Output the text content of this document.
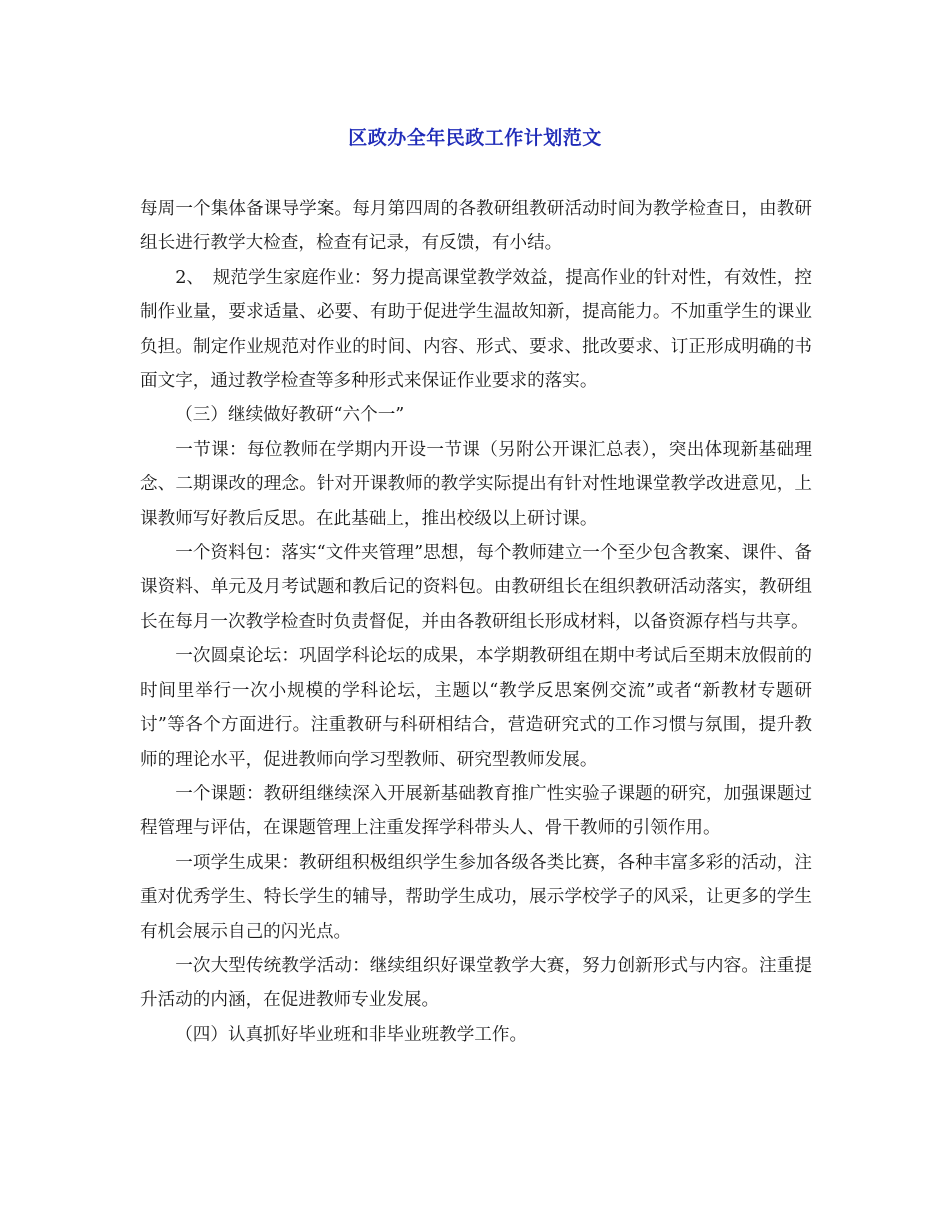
区政办全年民政工作计划范文

每周一个集体备课导学案。每月第四周的各教研组教研活动时间为教学检查日，由教研组长进行教学大检查，检查有记录，有反馈，有小结。

2、　规范学生家庭作业：努力提高课堂教学效益，提高作业的针对性，有效性，控制作业量，要求适量、必要、有助于促进学生温故知新，提高能力。不加重学生的课业负担。制定作业规范对作业的时间、内容、形式、要求、批改要求、订正形成明确的书面文字，通过教学检查等多种形式来保证作业要求的落实。

（三）继续做好教研“六个一”

一节课：每位教师在学期内开设一节课（另附公开课汇总表），突出体现新基础理念、二期课改的理念。针对开课教师的教学实际提出有针对性地课堂教学改进意见，上课教师写好教后反思。在此基础上，推出校级以上研讨课。

一个资料包：落实“文件夹管理”思想，每个教师建立一个至少包含教案、课件、备课资料、单元及月考试题和教后记的资料包。由教研组长在组织教研活动落实，教研组长在每月一次教学检查时负责督促，并由各教研组长形成材料，以备资源存档与共享。

一次圆桌论坛：巩固学科论坛的成果，本学期教研组在期中考试后至期末放假前的时间里举行一次小规模的学科论坛，主题以“教学反思案例交流”或者“新教材专题研讨”等各个方面进行。注重教研与科研相结合，营造研究式的工作习惯与氛围，提升教师的理论水平，促进教师向学习型教师、研究型教师发展。

一个课题：教研组继续深入开展新基础教育推广性实验子课题的研究，加强课题过程管理与评估，在课题管理上注重发挥学科带头人、骨干教师的引领作用。

一项学生成果：教研组积极组织学生参加各级各类比赛，各种丰富多彩的活动，注重对优秀学生、特长学生的辅导，帮助学生成功，展示学校学子的风采，让更多的学生有机会展示自己的闪光点。

一次大型传统教学活动：继续组织好课堂教学大赛，努力创新形式与内容。注重提升活动的内涵，在促进教师专业发展。

（四）认真抓好毕业班和非毕业班教学工作。
